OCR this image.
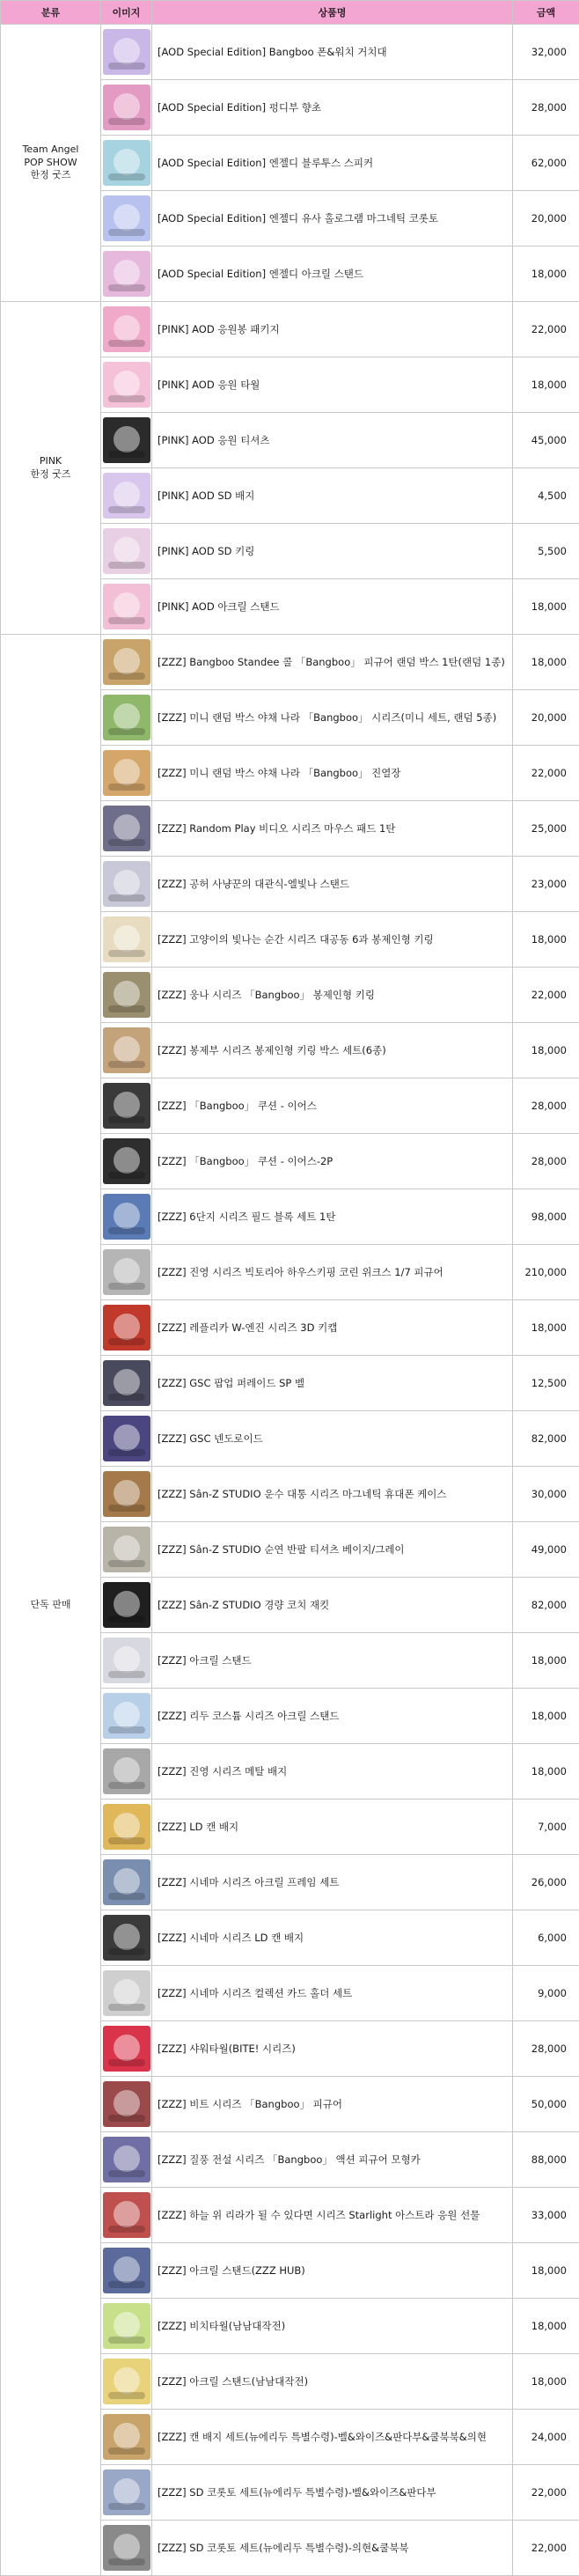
분류	이미지	상품명	금액
Team Angel
POP SHOW
한정 굿즈		[AOD Special Edition] Bangboo 폰&워치 거치대	32,000

		[AOD Special Edition] 펑디부 향초	28,000

		[AOD Special Edition] 엔젤디 블루투스 스피커	62,000

		[AOD Special Edition] 엔젤디 유사 홀로그램 마그네틱 코롯토	20,000

		[AOD Special Edition] 엔젤디 아크릴 스탠드	18,000
PINK
한정 굿즈		[PINK] AOD 응원봉 패키지	22,000

		[PINK] AOD 응원 타월	18,000

		[PINK] AOD 응원 티셔츠	45,000

		[PINK] AOD SD 배지	4,500

		[PINK] AOD SD 키링	5,500

		[PINK] AOD 아크릴 스탠드	18,000
단독 판매		[ZZZ] Bangboo Standee 콜 「Bangboo」 피규어 랜덤 박스 1탄(랜덤 1종)	18,000

		[ZZZ] 미니 랜덤 박스 야채 나라 「Bangboo」 시리즈(미니 세트, 랜덤 5종)	20,000

		[ZZZ] 미니 랜덤 박스 야채 나라 「Bangboo」 진열장	22,000

		[ZZZ] Random Play 비디오 시리즈 마우스 패드 1탄	25,000

		[ZZZ] 공허 사냥꾼의 대관식-엘빛나 스탠드	23,000

		[ZZZ] 고양이의 빛나는 순간 시리즈 대공동 6과 봉제인형 키링	18,000

		[ZZZ] 웅나 시리즈 「Bangboo」 봉제인형 키링	22,000

		[ZZZ] 봉제부 시리즈 봉제인형 키링 박스 세트(6종)	18,000

		[ZZZ] 「Bangboo」 쿠션 - 이어스	28,000

		[ZZZ] 「Bangboo」 쿠션 - 이어스-2P	28,000

		[ZZZ] 6단지 시리즈 필드 블록 세트 1탄	98,000

		[ZZZ] 진영 시리즈 빅토리아 하우스키핑 코린 위크스 1/7 피규어	210,000

		[ZZZ] 레플리카 W-엔진 시리즈 3D 키캡	18,000

		[ZZZ] GSC 팝업 퍼레이드 SP 벨	12,500

		[ZZZ] GSC 넨도로이드	82,000

		[ZZZ] Sân-Z STUDIO 운수 대통 시리즈 마그네틱 휴대폰 케이스	30,000

		[ZZZ] Sân-Z STUDIO 순연 반팔 티셔츠 베이지/그레이	49,000

		[ZZZ] Sân-Z STUDIO 경량 코치 재킷	82,000

		[ZZZ] 아크릴 스탠드	18,000

		[ZZZ] 리두 코스튬 시리즈 아크릴 스탠드	18,000

		[ZZZ] 진영 시리즈 메탈 배지	18,000

		[ZZZ] LD 캔 배지	7,000

		[ZZZ] 시네마 시리즈 아크릴 프레임 세트	26,000

		[ZZZ] 시네마 시리즈 LD 캔 배지	6,000

		[ZZZ] 시네마 시리즈 컬렉션 카드 홀더 세트	9,000

		[ZZZ] 샤워타월(BITE! 시리즈)	28,000

		[ZZZ] 비트 시리즈 「Bangboo」 피규어	50,000

		[ZZZ] 질풍 전설 시리즈 「Bangboo」 액션 피규어 모형카	88,000

		[ZZZ] 하늘 위 리라가 될 수 있다면 시리즈 Starlight 아스트라 응원 선물	33,000

		[ZZZ] 아크릴 스탠드(ZZZ HUB)	18,000

		[ZZZ] 비치타월(남남대작전)	18,000

		[ZZZ] 아크릴 스탠드(남남대작전)	18,000

		[ZZZ] 캔 배지 세트(뉴에리두 특별수령)-벨&와이즈&판다부&쿨북북&의현	24,000

		[ZZZ] SD 코롯토 세트(뉴에리두 특별수령)-벨&와이즈&판다부	22,000

		[ZZZ] SD 코롯토 세트(뉴에리두 특별수령)-의현&쿨북북	22,000
